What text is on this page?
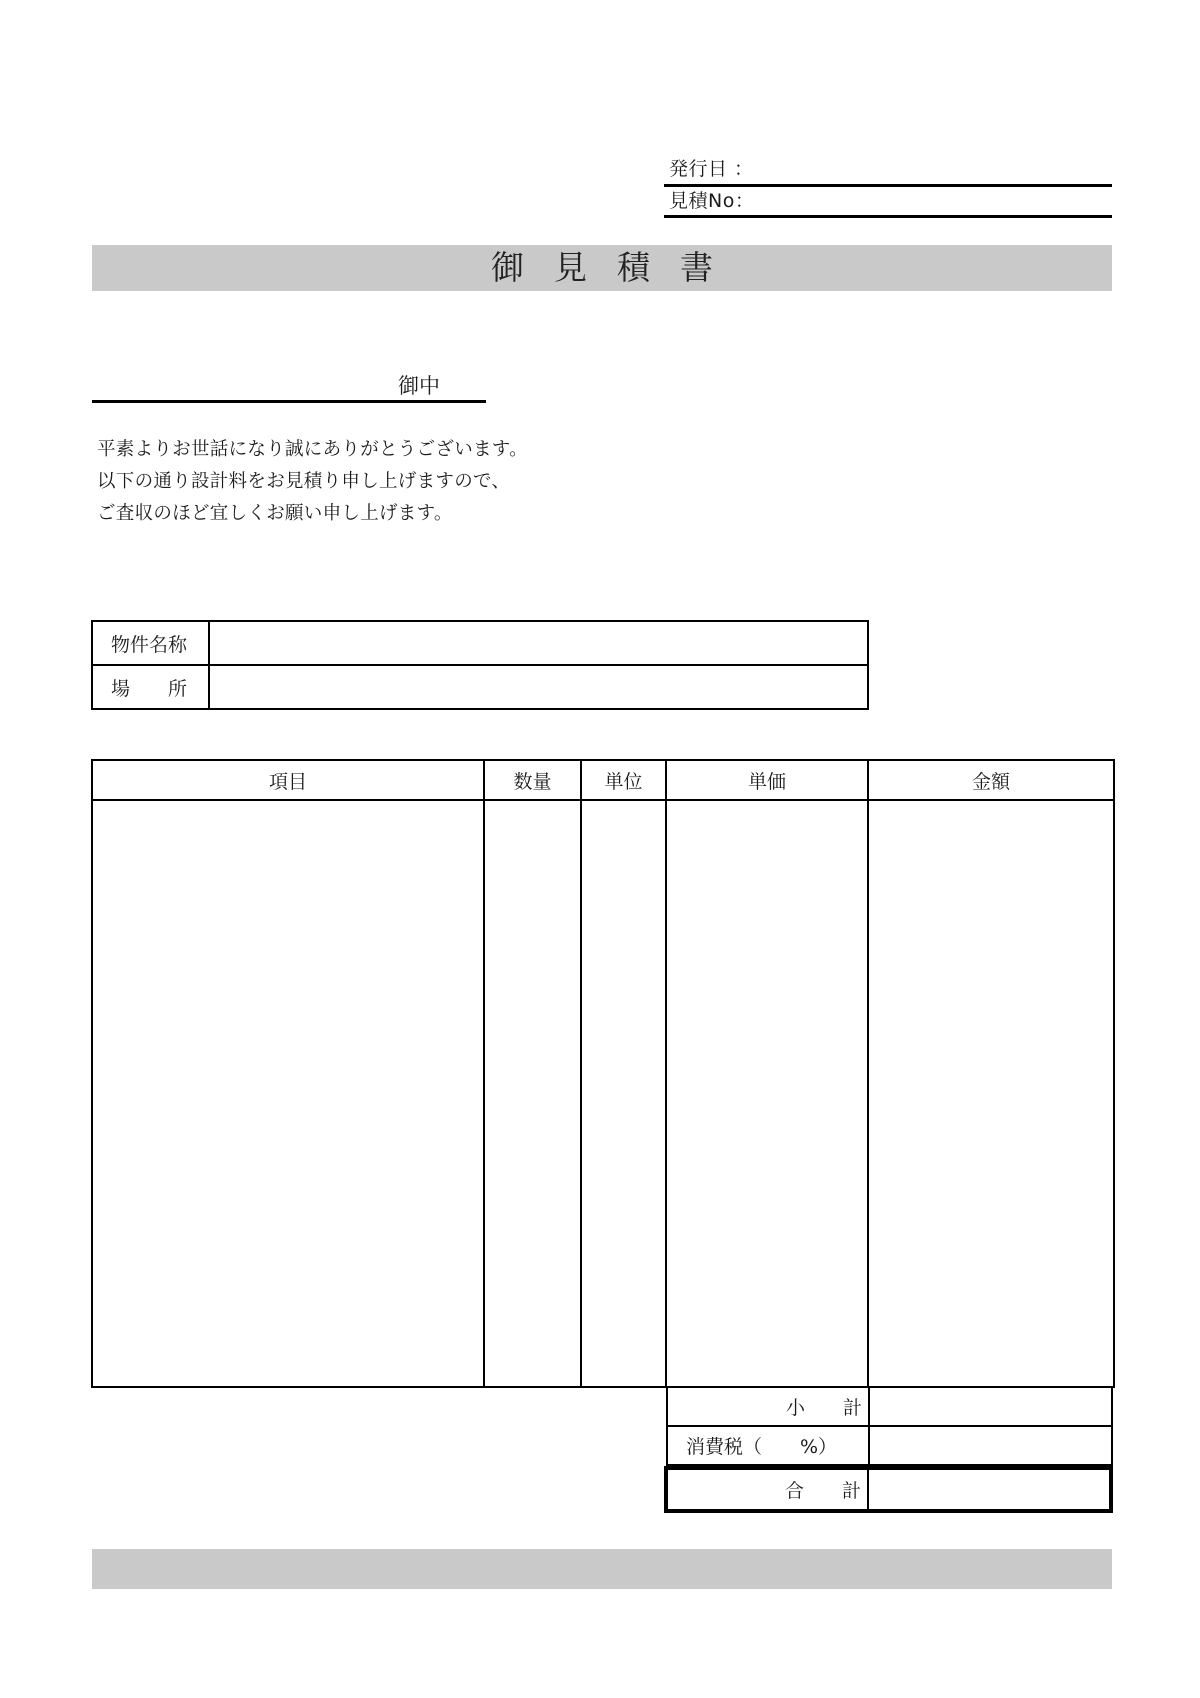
発行日 ：
見積No：
御見積書
御中

平素よりお世話になり誠にありがとうございます。

以下の通り設計料をお見積り申し上げますので、

ご査収のほど宜しくお願い申し上げます。

物件名称	
場　　所	
項目	数量	単位	単価	金額

小　　計	
消費税（　　%）	
合　　計	
